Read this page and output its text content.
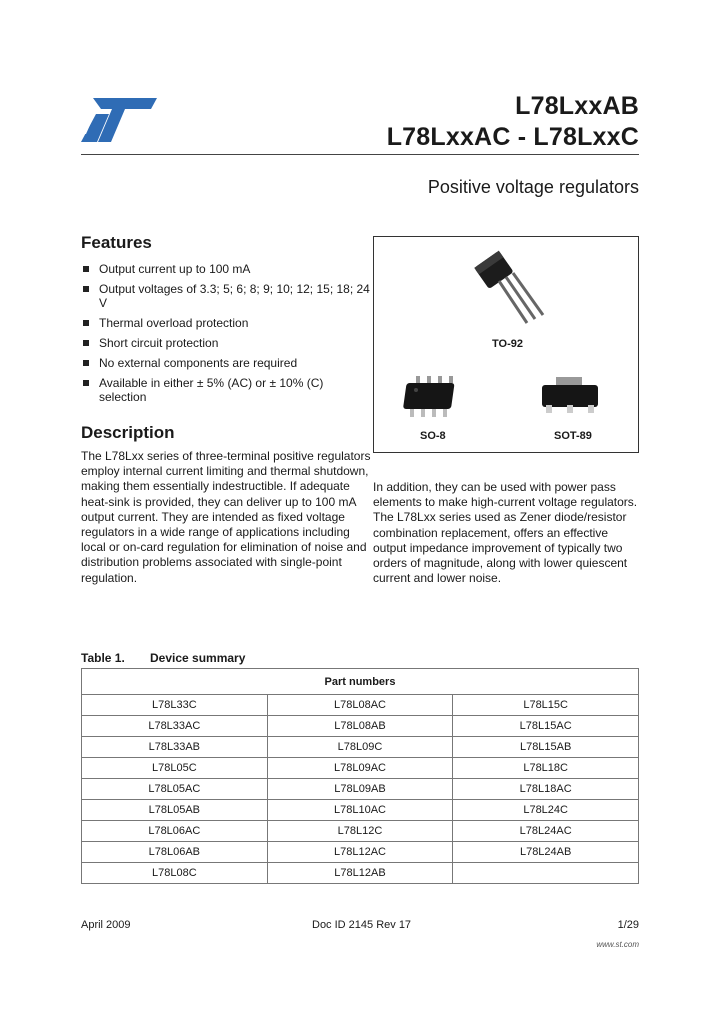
L78LxxAB
L78LxxAC - L78LxxC
Positive voltage regulators
Features
Output current up to 100 mA
Output voltages of 3.3; 5; 6; 8; 9; 10; 12; 15; 18; 24 V
Thermal overload protection
Short circuit protection
No external components are required
Available in either ± 5% (AC) or ± 10% (C) selection
TO-92
SO-8	SOT-89
Description
The L78Lxx series of three-terminal positive regulators employ internal current limiting and thermal shutdown, making them essentially indestructible. If adequate heat-sink is provided, they can deliver up to 100 mA output current. They are intended as fixed voltage regulators in a wide range of applications including local or on-card regulation for elimination of noise and distribution problems associated with single-point regulation.
In addition, they can be used with power pass elements to make high-current voltage regulators. The L78Lxx series used as Zener diode/resistor combination replacement, offers an effective output impedance improvement of typically two orders of magnitude, along with lower quiescent current and lower noise.
Table 1. Device summary
Part numbers		
L78L33C	L78L08AC	L78L15C
L78L33AC	L78L08AB	L78L15AC
L78L33AB	L78L09C	L78L15AB
L78L05C	L78L09AC	L78L18C
L78L05AC	L78L09AB	L78L18AC
L78L05AB	L78L10AC	L78L24C
L78L06AC	L78L12C	L78L24AC
L78L06AB	L78L12AC	L78L24AB
L78L08C	L78L12AB	
April 2009	Doc ID 2145 Rev 17	1/29
www.st.com
